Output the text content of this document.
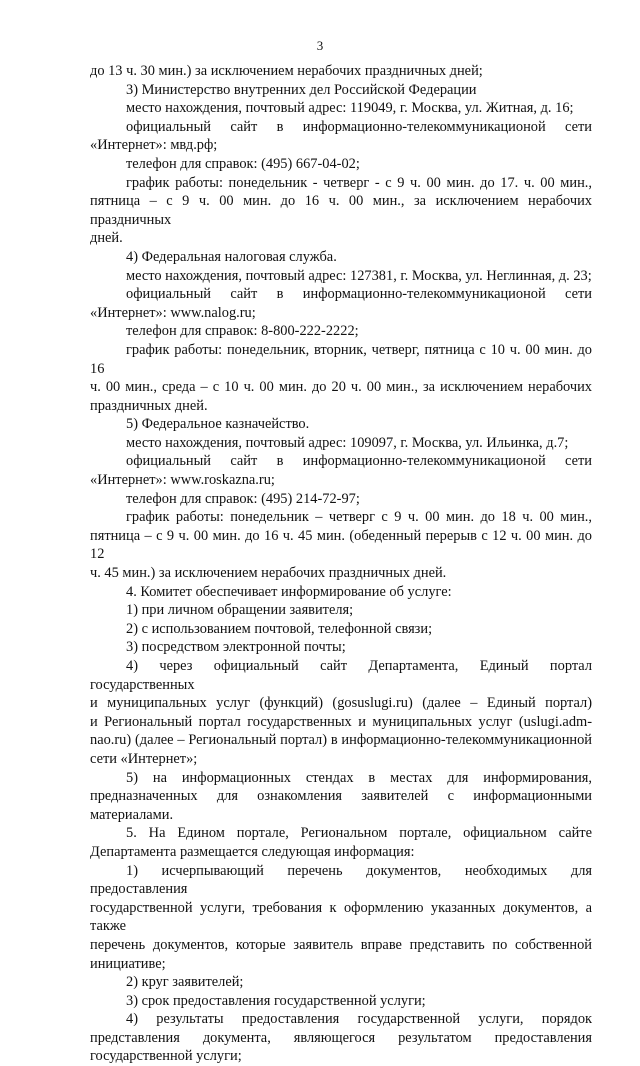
3

до 13 ч. 30 мин.) за исключением нерабочих праздничных дней;

3) Министерство внутренних дел Российской Федерации

место нахождения, почтовый адрес: 119049, г. Москва, ул. Житная, д. 16;

официальный сайт в информационно-телекоммуникационой сети

«Интернет»: мвд.рф;

телефон для справок: (495) 667-04-02;

график работы: понедельник - четверг - с 9 ч. 00 мин. до 17. ч. 00 мин.,

пятница – с 9 ч. 00 мин. до 16 ч. 00 мин., за исключением нерабочих праздничных

дней.

4) Федеральная налоговая служба.

место нахождения, почтовый адрес: 127381, г. Москва, ул. Неглинная, д. 23;

официальный сайт в информационно-телекоммуникационой сети

«Интернет»: www.nalog.ru;

телефон для справок: 8-800-222-2222;

график работы: понедельник, вторник, четверг, пятница с 10 ч. 00 мин. до 16

ч. 00 мин., среда – с 10 ч. 00 мин. до 20 ч. 00 мин., за исключением нерабочих

праздничных дней.

5) Федеральное казначейство.

место нахождения, почтовый адрес: 109097, г. Москва, ул. Ильинка, д.7;

официальный сайт в информационно-телекоммуникационой сети

«Интернет»: www.roskazna.ru;

телефон для справок: (495) 214-72-97;

график работы: понедельник – четверг с 9 ч. 00 мин. до 18 ч. 00 мин.,

пятница – с 9 ч. 00 мин. до 16 ч. 45 мин. (обеденный перерыв с 12 ч. 00 мин. до 12

ч. 45 мин.) за исключением нерабочих праздничных дней.

4. Комитет обеспечивает информирование об услуге:

1) при личном обращении заявителя;

2) с использованием почтовой, телефонной связи;

3) посредством электронной почты;

4) через официальный сайт Департамента, Единый портал государственных

и муниципальных услуг (функций) (gosuslugi.ru) (далее – Единый портал)

и Региональный портал государственных и муниципальных услуг (uslugi.adm-

nao.ru) (далее – Региональный портал) в информационно-телекоммуникационной

сети «Интернет»;

5) на информационных стендах в местах для информирования,

предназначенных для ознакомления заявителей с информационными материалами.

5. На Едином портале, Региональном портале, официальном сайте

Департамента размещается следующая информация:

1) исчерпывающий перечень документов, необходимых для предоставления

государственной услуги, требования к оформлению указанных документов, а также

перечень документов, которые заявитель вправе представить по собственной

инициативе;

2) круг заявителей;

3) срок предоставления государственной услуги;

4) результаты предоставления государственной услуги, порядок

представления документа, являющегося результатом предоставления

государственной услуги;
